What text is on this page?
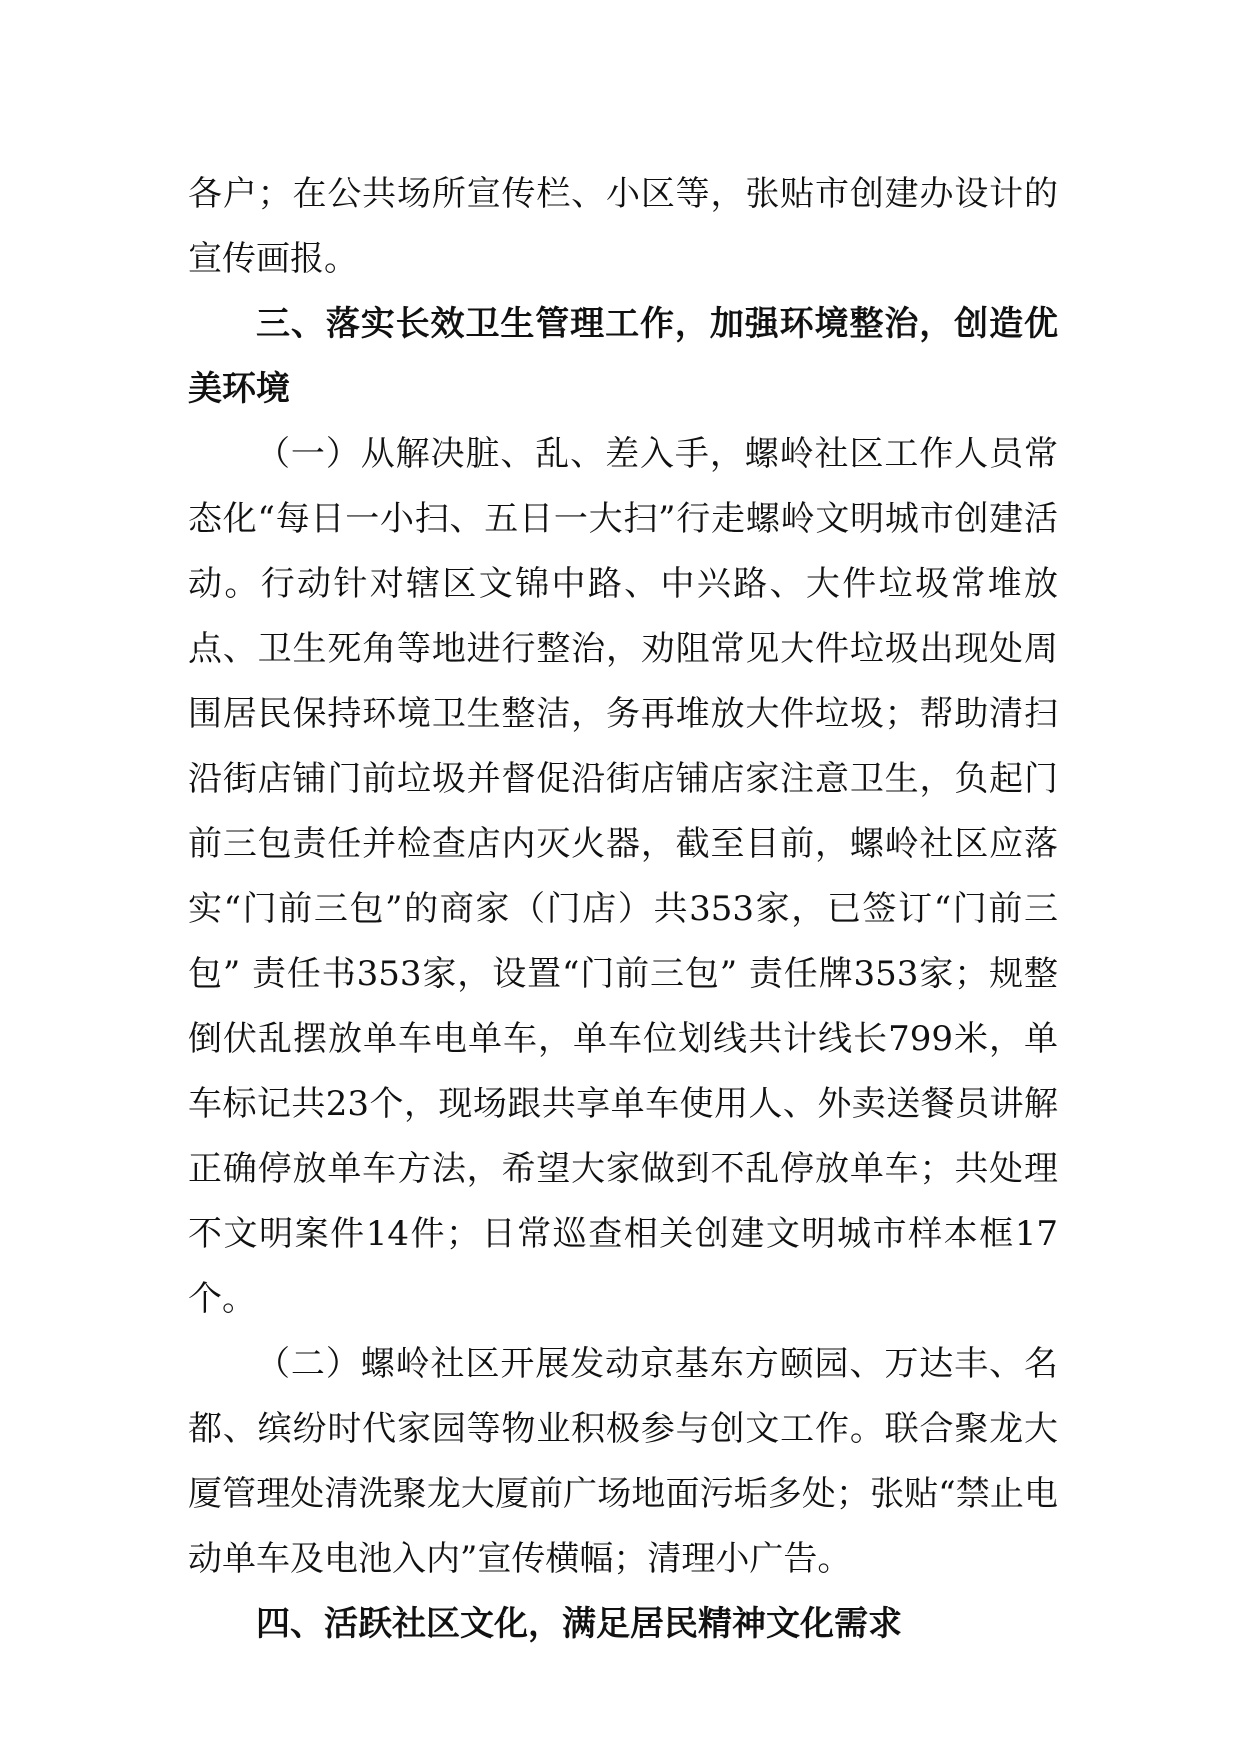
各户；在公共场所宣传栏、小区等，张贴市创建办设计的宣传画报。

三、落实长效卫生管理工作，加强环境整治，创造优美环境

（一）从解决脏、乱、差入手，螺岭社区工作人员常态化“每日一小扫、五日一大扫”行走螺岭文明城市创建活动。行动针对辖区文锦中路、中兴路、大件垃圾常堆放点、卫生死角等地进行整治，劝阻常见大件垃圾出现处周围居民保持环境卫生整洁，务再堆放大件垃圾；帮助清扫沿街店铺门前垃圾并督促沿街店铺店家注意卫生，负起门前三包责任并检查店内灭火器，截至目前，螺岭社区应落实“门前三包”的商家（门店）共353家，已签订“门前三包” 责任书353家，设置“门前三包” 责任牌353家；规整倒伏乱摆放单车电单车，单车位划线共计线长799米，单车标记共23个，现场跟共享单车使用人、外卖送餐员讲解正确停放单车方法，希望大家做到不乱停放单车；共处理不文明案件14件；日常巡查相关创建文明城市样本框17个。

（二）螺岭社区开展发动京基东方颐园、万达丰、名都、缤纷时代家园等物业积极参与创文工作。联合聚龙大厦管理处清洗聚龙大厦前广场地面污垢多处；张贴“禁止电动单车及电池入内”宣传横幅；清理小广告。

四、活跃社区文化，满足居民精神文化需求
